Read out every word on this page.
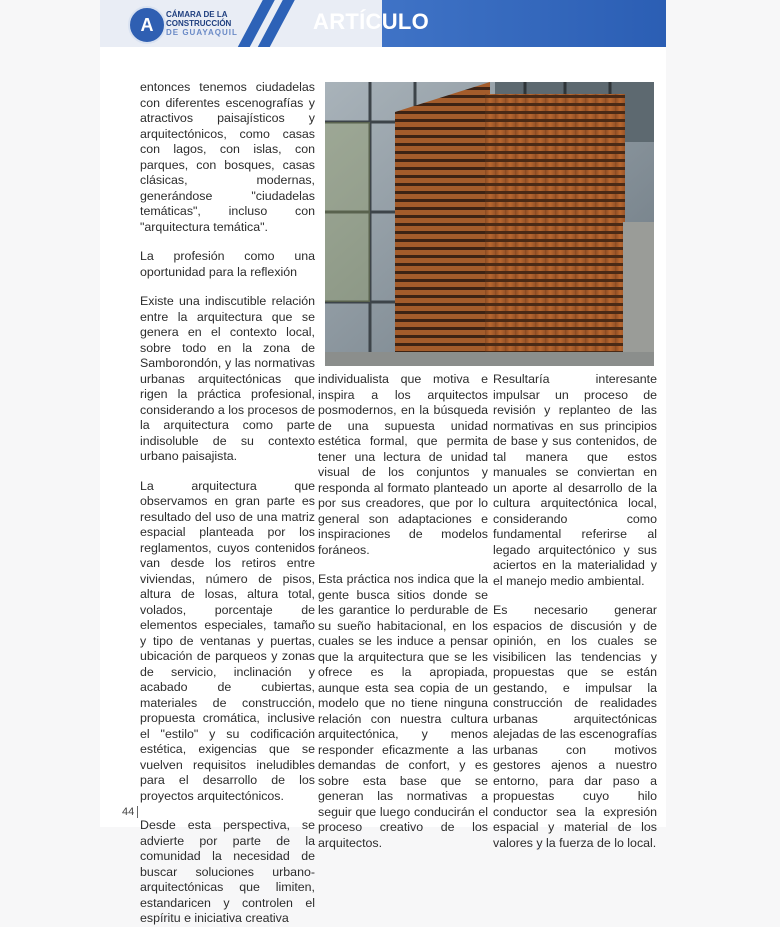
A	CÁMARA DE LA
CONSTRUCCIÓN
DE GUAYAQUIL	ARTÍCULO

entonces tenemos ciudadelas con diferentes escenografías y atractivos paisajísticos y arquitectónicos, como casas con lagos, con islas, con parques, con bosques, casas clásicas, modernas, generándose "ciudadelas temáticas", incluso con "arquitectura temática".

La profesión como una oportunidad para la reflexión

Existe una indiscutible relación entre la arquitectura que se genera en el contexto local, sobre todo en la zona de Samborondón, y las normativas urbanas arquitectónicas que rigen la práctica profesional, considerando a los procesos de la arquitectura como parte indisoluble de su contexto urbano paisajista.

La arquitectura que observamos en gran parte es resultado del uso de una matriz espacial planteada por los reglamentos, cuyos contenidos van desde los retiros entre viviendas, número de pisos, altura de losas, altura total, volados, porcentaje de elementos especiales, tamaño y tipo de ventanas y puertas, ubicación de parqueos y zonas de servicio, inclinación y acabado de cubiertas, materiales de construcción, propuesta cromática, inclusive el "estilo" y su codificación estética, exigencias que se vuelven requisitos ineludibles para el desarrollo de los proyectos arquitectónicos.

Desde esta perspectiva, se advierte por parte de la comunidad la necesidad de buscar soluciones urbano-arquitectónicas que limiten, estandaricen y controlen el espíritu e iniciativa creativa

individualista que motiva e inspira a los arquitectos posmodernos, en la búsqueda de una supuesta unidad estética formal, que permita tener una lectura de unidad visual de los conjuntos y responda al formato planteado por sus creadores, que por lo general son adaptaciones e inspiraciones de modelos foráneos.

Esta práctica nos indica que la gente busca sitios donde se les garantice lo perdurable de su sueño habitacional, en los cuales se les induce a pensar que la arquitectura que se les ofrece es la apropiada, aunque esta sea copia de un modelo que no tiene ninguna relación con nuestra cultura arquitectónica, y menos responder eficazmente a las demandas de confort, y es sobre esta base que se generan las normativas a seguir que luego conducirán el proceso creativo de los arquitectos.

Resultaría interesante impulsar un proceso de revisión y replanteo de las normativas en sus principios de base y sus contenidos, de tal manera que estos manuales se conviertan en un aporte al desarrollo de la cultura arquitectónica local, considerando como fundamental referirse al legado arquitectónico y sus aciertos en la materialidad y el manejo medio ambiental.

Es necesario generar espacios de discusión y de opinión, en los cuales se visibilicen las tendencias y propuestas que se están gestando, e impulsar la construcción de realidades urbanas arquitectónicas alejadas de las escenografías urbanas con motivos gestores ajenos a nuestro entorno, para dar paso a propuestas cuyo hilo conductor sea la expresión espacial y material de los valores y la fuerza de lo local.

44
